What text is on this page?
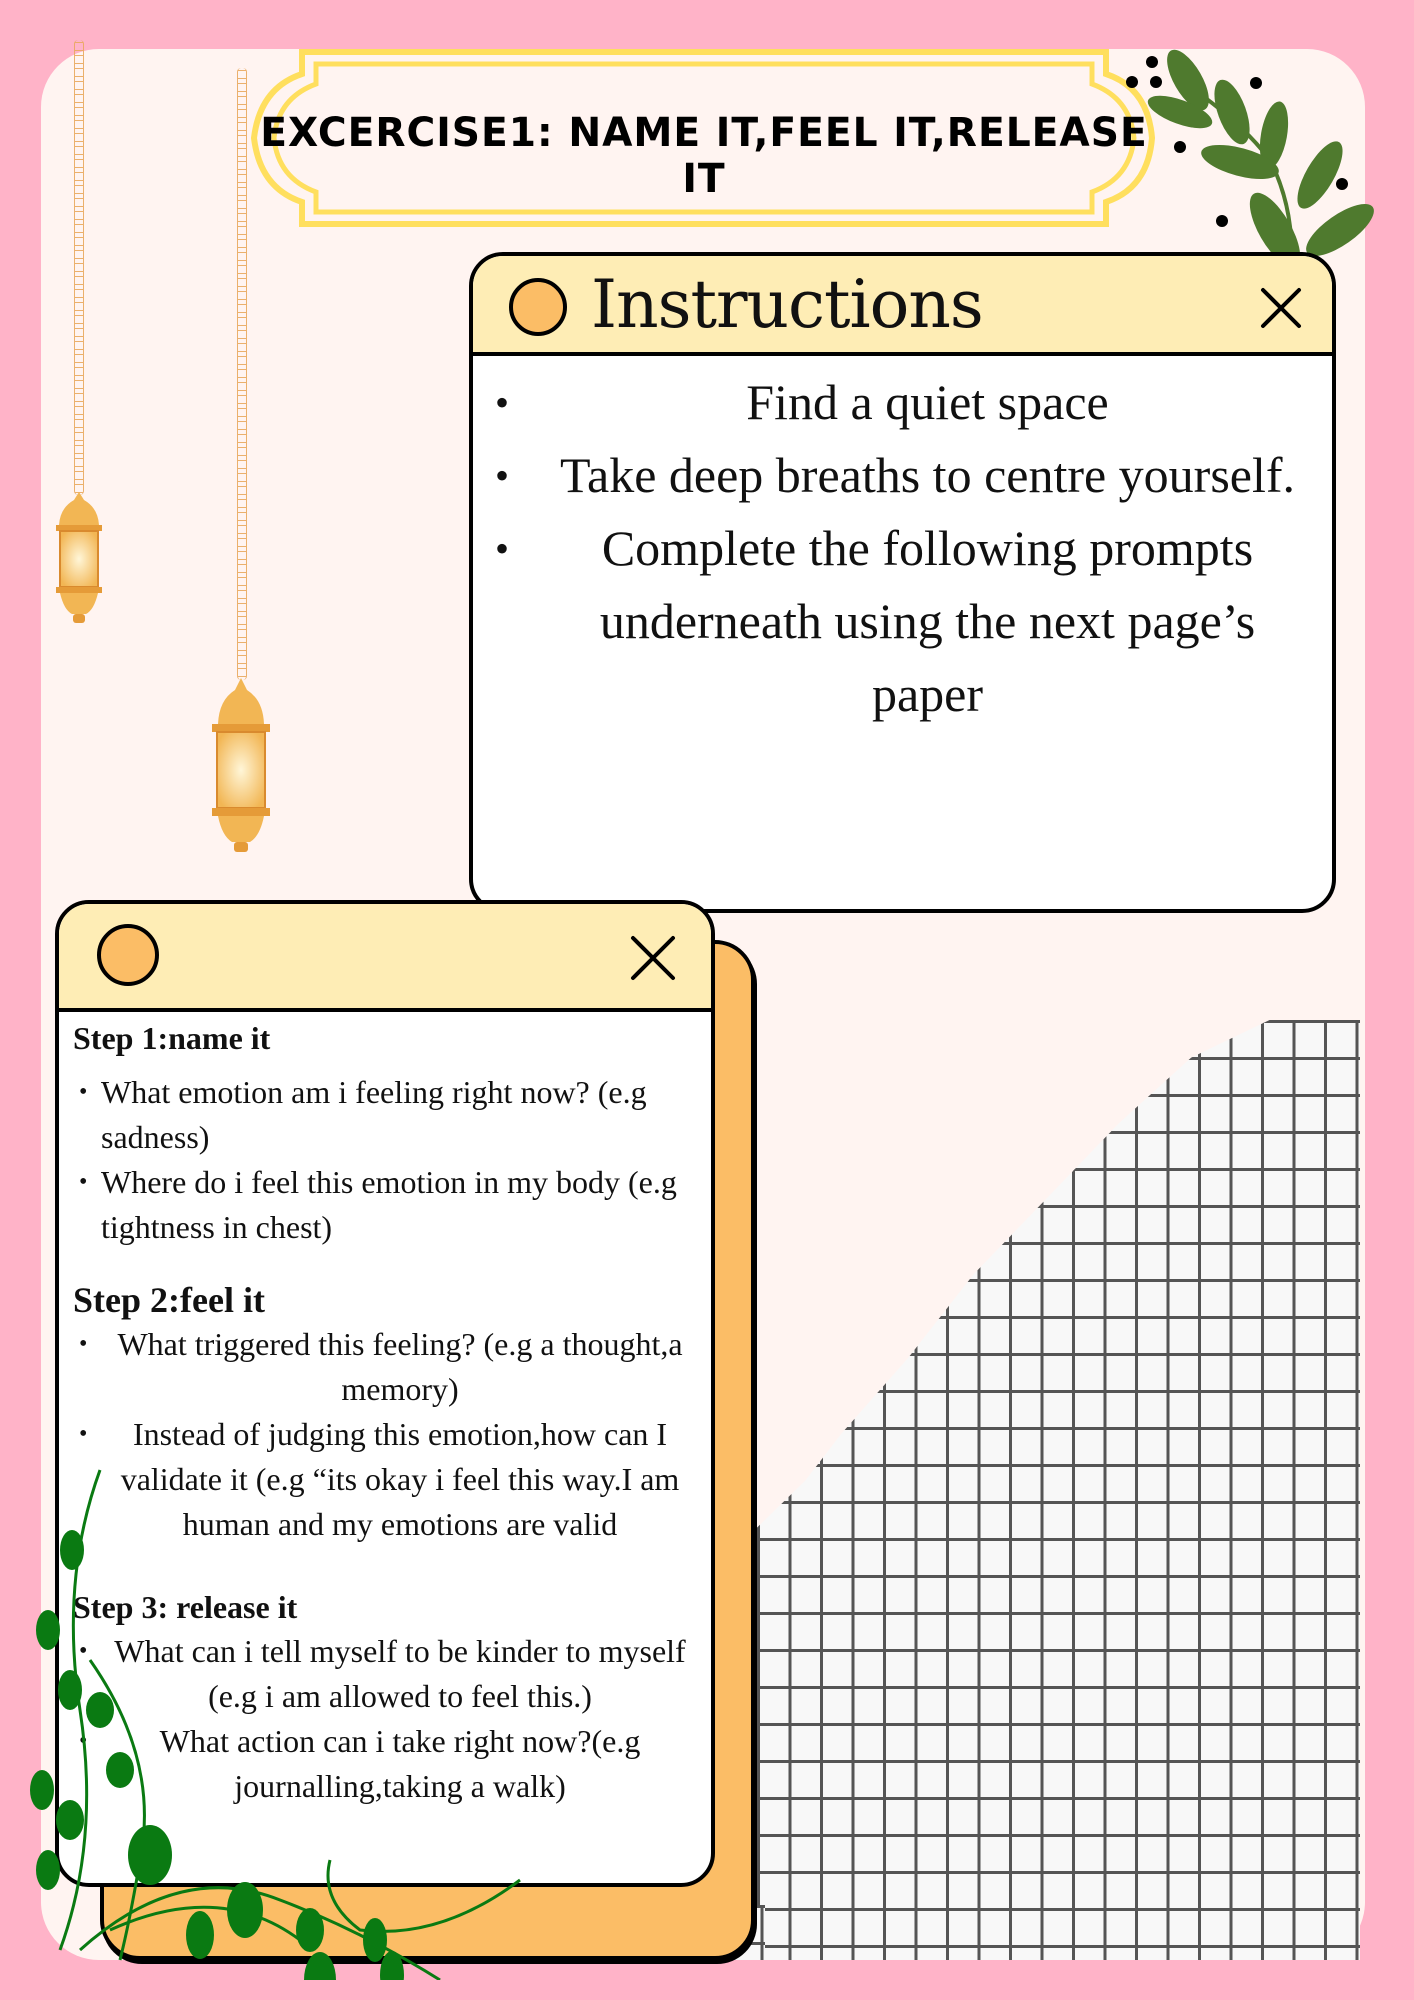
EXCERCISE1: NAME IT,FEEL IT,RELEASE IT
Instructions
• Find a quiet space
• Take deep breaths to centre yourself.
• Complete the following prompts underneath using the next page’s paper
Step 1:name it
• What emotion am i feeling right now? (e.g sadness)
• Where do i feel this emotion in my body (e.g tightness in chest)
Step 2:feel it
• What triggered this feeling? (e.g a thought,a memory)
• Instead of judging this emotion,how can I validate it (e.g “its okay i feel this way.I am human and my emotions are valid
Step 3: release it
• What can i tell myself to be kinder to myself (e.g i am allowed to feel this.)
• What action can i take right now?(e.g journalling,taking a walk)
